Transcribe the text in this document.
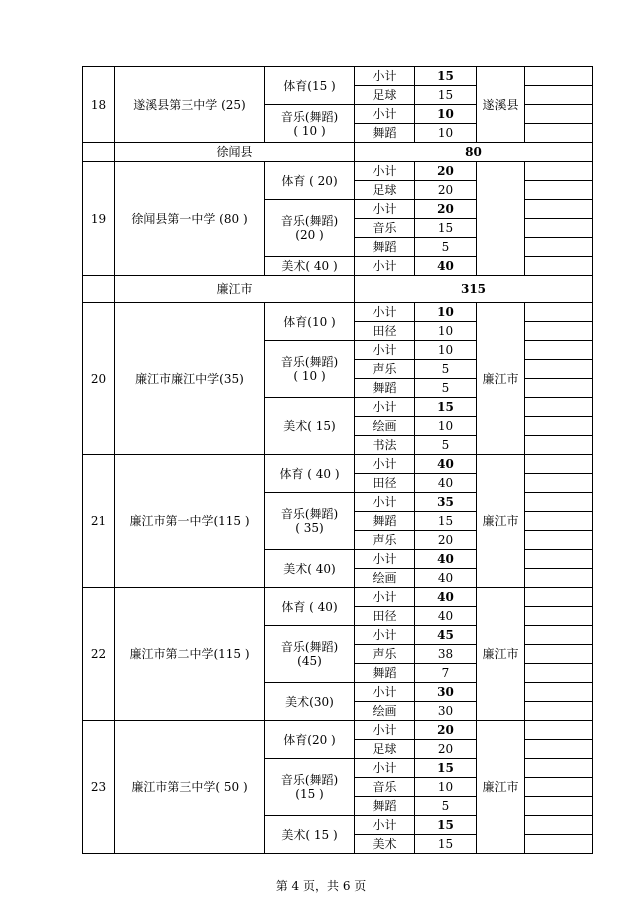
18	遂溪县第三中学 (25)	体育(15 )	小计	15	遂溪县	
			足球	15		

		音乐(舞蹈)
( 10 )	小计	10		
			舞蹈	10		
	徐闻县		80			
19	徐闻县第一中学 (80 )	体育 ( 20)	小计	20		
			足球	20		

		音乐(舞蹈)
(20 )	小计	20		
			音乐	15		
			舞蹈	5		

		美术( 40 )	小计	40		
	廉江市		315			
20	廉江市廉江中学(35)	体育(10 )	小计	10	廉江市	
			田径	10		

		音乐(舞蹈)
( 10 )	小计	10		
			声乐	5		
			舞蹈	5		

		美术( 15)	小计	15		
			绘画	10		
			书法	5		
21	廉江市第一中学(115 )	体育 ( 40 )	小计	40	廉江市	
			田径	40		

		音乐(舞蹈)
( 35)	小计	35		
			舞蹈	15		
			声乐	20		

		美术( 40)	小计	40		
			绘画	40		
22	廉江市第二中学(115 )	体育 ( 40)	小计	40	廉江市	
			田径	40		

		音乐(舞蹈)
(45)	小计	45		
			声乐	38		
			舞蹈	7		

		美术(30)	小计	30		
			绘画	30		
23	廉江市第三中学( 50 )	体育(20 )	小计	20	廉江市	
			足球	20		

		音乐(舞蹈)
(15 )	小计	15		
			音乐	10		
			舞蹈	5		

		美术( 15 )	小计	15		
			美术	15		
第 4 页，共 6 页
